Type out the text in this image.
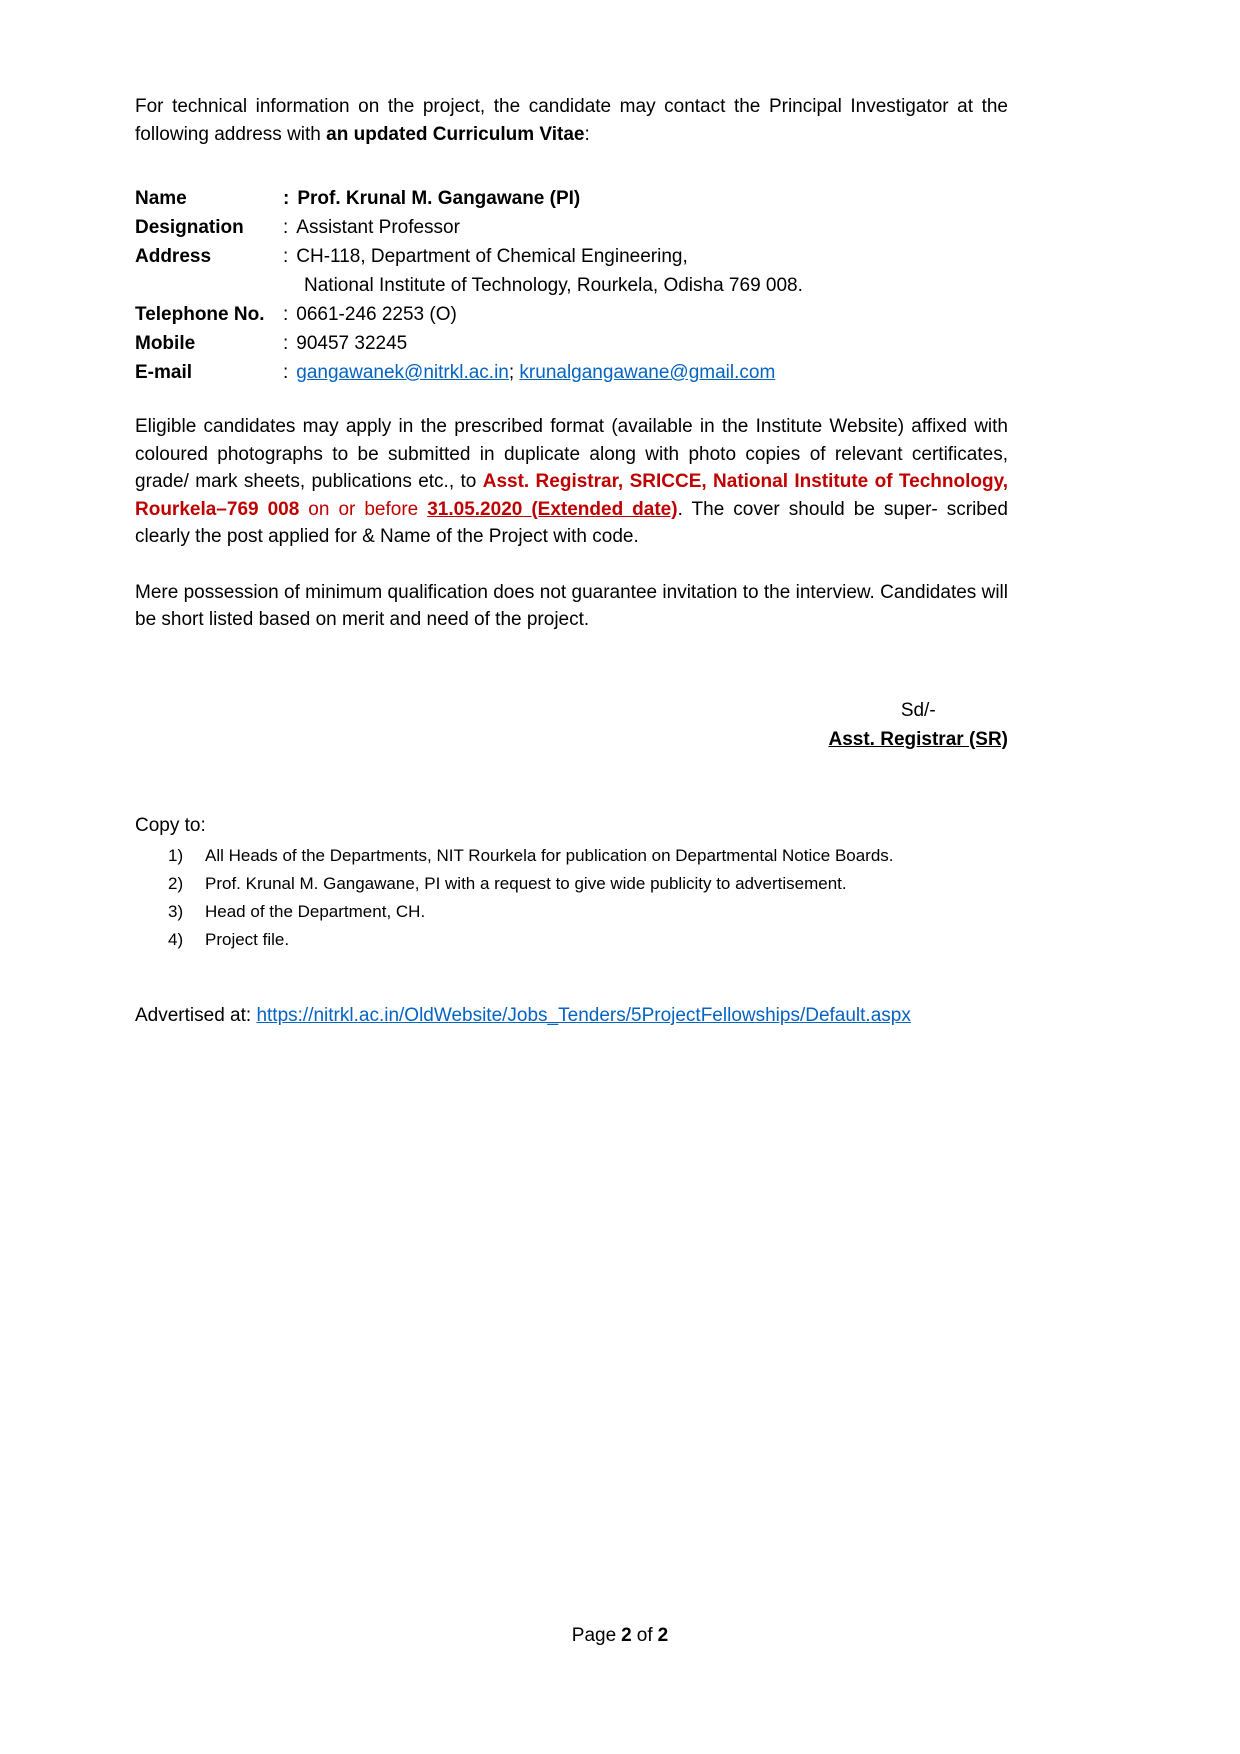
For technical information on the project, the candidate may contact the Principal Investigator at the following address with an updated Curriculum Vitae:

Name	: Prof. Krunal M. Gangawane (PI)
Designation	: Assistant Professor
Address	: CH-118, Department of Chemical Engineering,
National Institute of Technology, Rourkela, Odisha 769 008.
Telephone No. : 0661-246 2253 (O)
Mobile	: 90457 32245
E-mail	: gangawanek@nitrkl.ac.in; krunalgangawane@gmail.com

Eligible candidates may apply in the prescribed format (available in the Institute Website) affixed with coloured photographs to be submitted in duplicate along with photo copies of relevant certificates, grade/ mark sheets, publications etc., to Asst. Registrar, SRICCE, National Institute of Technology, Rourkela–769 008 on or before 31.05.2020 (Extended date). The cover should be super- scribed clearly the post applied for & Name of the Project with code.

Mere possession of minimum qualification does not guarantee invitation to the interview. Candidates will be short listed based on merit and need of the project.

Sd/-
Asst. Registrar (SR)
Copy to:
1)	All Heads of the Departments, NIT Rourkela for publication on Departmental Notice Boards.
2)	Prof. Krunal M. Gangawane, PI with a request to give wide publicity to advertisement.
3)	Head of the Department, CH.
4)	Project file.
Advertised at: https://nitrkl.ac.in/OldWebsite/Jobs_Tenders/5ProjectFellowships/Default.aspx
Page 2 of 2
